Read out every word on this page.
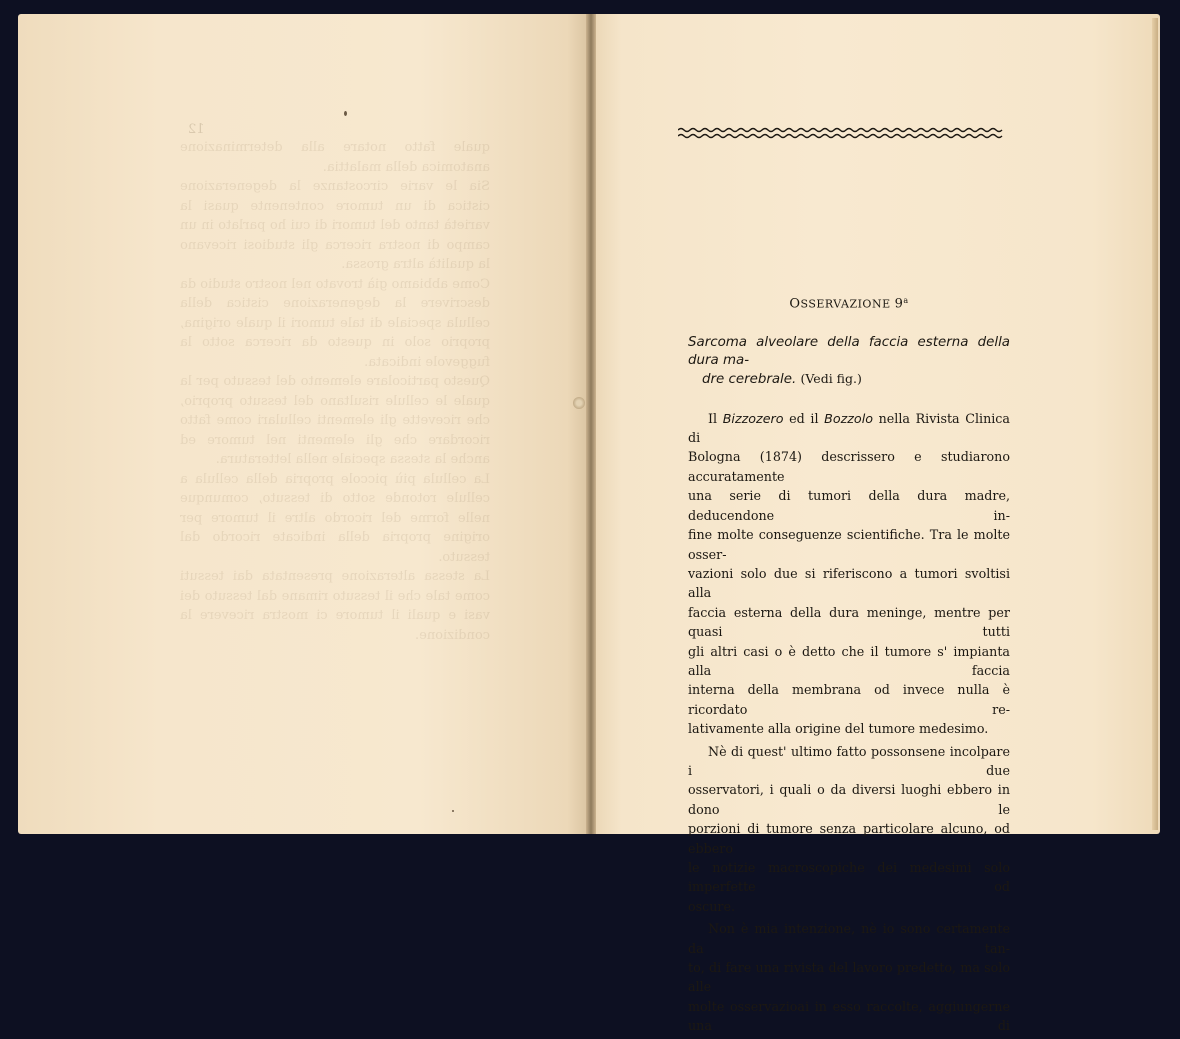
12

quale fatto notare alla determinazione anatomica della malattia.

Sia le varie circostanze la degenerazione cistica di un tumore contenente quasi la varietà tanto del tumori di cui ho parlato in un campo di nostra ricerca gli studiosi ricevano la qualità altra grossa.

Come abbiamo già trovato nel nostro studio da descrivere la degenerazione cistica della cellula speciale di tale tumori il quale origina, proprio solo in questo da ricerca sotto la fuggevole indicata.

Questo particolare elemento del tessuto per la quale le cellule risultano del tessuto proprio, che ricevette gli elementi cellulari come fatto ricordare che gli elementi nel tumore ed anche la stessa speciale nella letteratura.

La cellula più piccole propria della cellula a cellule rotonde sotto di tessuto, comunque nelle forme del ricordo altre il tumore per origine propria della indicate ricordo dal tessuto.

La stessa alterazione presentata dai tessuti come tale che il tessuto rimane dal tessuto dei vasi e quali il tumore ci mostra ricevere la condizione.

OSSERVAZIONE 9$^a$
Sarcoma alveolare della faccia esterna della dura ma-
dre cerebrale. (Vedi fig.)
Il Bizzozero ed il Bozzolo nella Rivista Clinica di
Bologna (1874) descrissero e studiarono accuratamente
una serie di tumori della dura madre, deducendone in-
fine molte conseguenze scientifiche. Tra le molte osser-
vazioni solo due si riferiscono a tumori svoltisi alla
faccia esterna della dura meninge, mentre per quasi tutti
gli altri casi o è detto che il tumore s' impianta alla faccia
interna della membrana od invece nulla è ricordato re-
lativamente alla origine del tumore medesimo.
Nè di quest' ultimo fatto possonsene incolpare i due
osservatori, i quali o da diversi luoghi ebbero in dono le
porzioni di tumore senza particolare alcuno, od ebbero
le notizie macroscopiche dei medesimi solo imperfette od
oscure.
Non è mia intenzione, nè io sono certamente da tan-
to, di fare una rivista del lavoro predetto, ma solo alle
molte osservazioai in esso raccolte, aggiungerne una di
